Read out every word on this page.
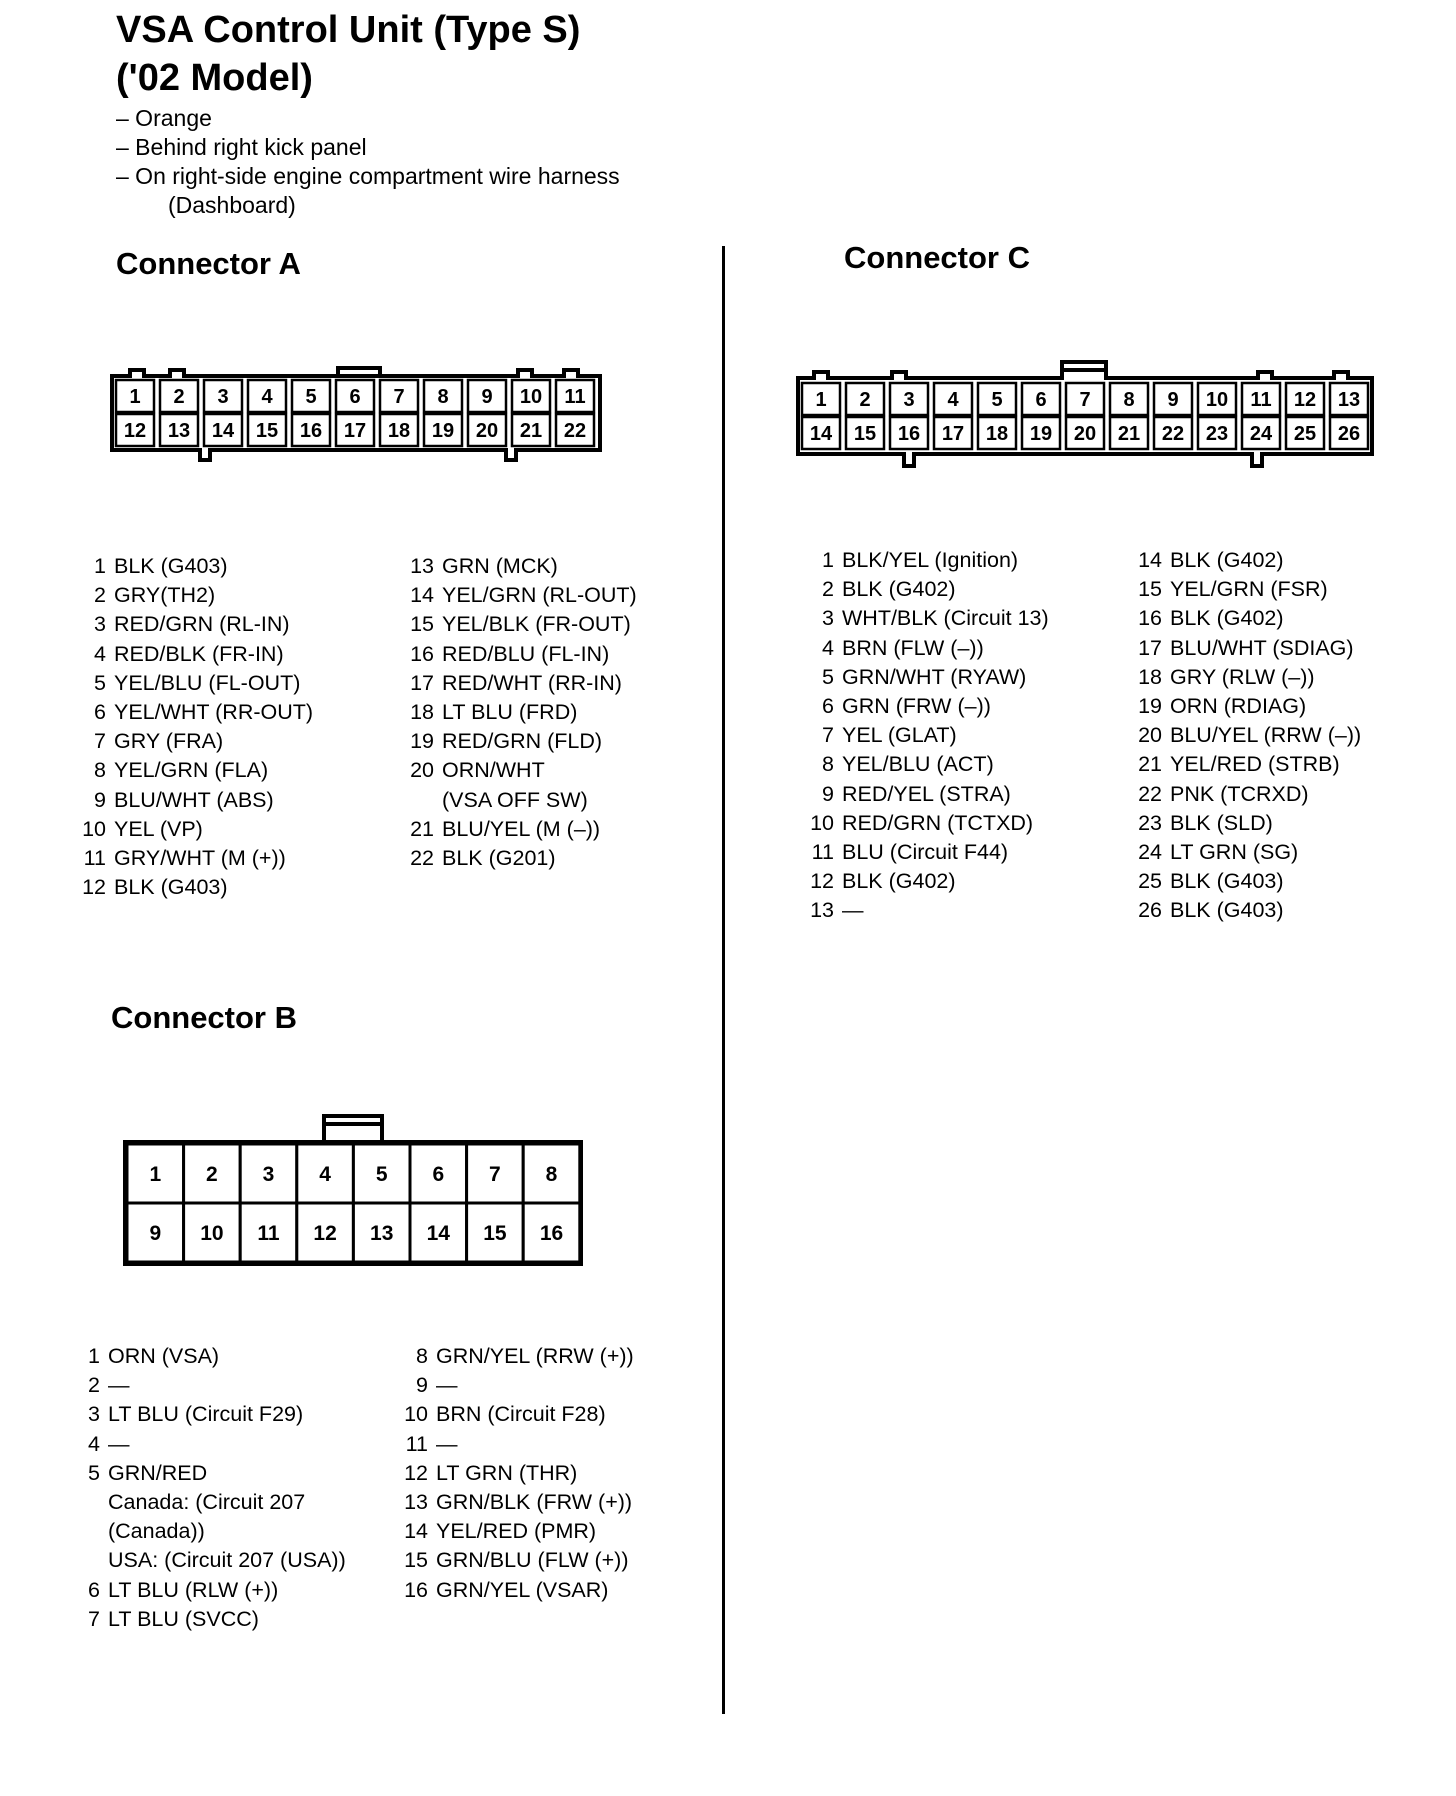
VSA Control Unit (Type S)
('02 Model)
– Orange
– Behind right kick panel
– On right-side engine compartment wire harness
(Dashboard)
Connector A
1 2 3 4 5 6 7 8 9 10 11
12 13 14 15 16 17 18 19 20 21 22
1 BLK (G403)
2 GRY(TH2)
3 RED/GRN (RL-IN)
4 RED/BLK (FR-IN)
5 YEL/BLU (FL-OUT)
6 YEL/WHT (RR-OUT)
7 GRY (FRA)
8 YEL/GRN (FLA)
9 BLU/WHT (ABS)
10 YEL (VP)
11 GRY/WHT (M (+))
12 BLK (G403)
13 GRN (MCK)
14 YEL/GRN (RL-OUT)
15 YEL/BLK (FR-OUT)
16 RED/BLU (FL-IN)
17 RED/WHT (RR-IN)
18 LT BLU (FRD)
19 RED/GRN (FLD)
20 ORN/WHT
(VSA OFF SW)
21 BLU/YEL (M (–))
22 BLK (G201)
Connector B
1 2 3 4 5 6 7 8
9 10 11 12 13 14 15 16
1 ORN (VSA)
2 —
3 LT BLU (Circuit F29)
4 —
5 GRN/RED
Canada: (Circuit 207
(Canada))
USA: (Circuit 207 (USA))
6 LT BLU (RLW (+))
7 LT BLU (SVCC)
8 GRN/YEL (RRW (+))
9 —
10 BRN (Circuit F28)
11 —
12 LT GRN (THR)
13 GRN/BLK (FRW (+))
14 YEL/RED (PMR)
15 GRN/BLU (FLW (+))
16 GRN/YEL (VSAR)
Connector C
1 2 3 4 5 6 7 8 9 10 11 12 13
14 15 16 17 18 19 20 21 22 23 24 25 26
1 BLK/YEL (Ignition)
2 BLK (G402)
3 WHT/BLK (Circuit 13)
4 BRN (FLW (–))
5 GRN/WHT (RYAW)
6 GRN (FRW (–))
7 YEL (GLAT)
8 YEL/BLU (ACT)
9 RED/YEL (STRA)
10 RED/GRN (TCTXD)
11 BLU (Circuit F44)
12 BLK (G402)
13 —
14 BLK (G402)
15 YEL/GRN (FSR)
16 BLK (G402)
17 BLU/WHT (SDIAG)
18 GRY (RLW (–))
19 ORN (RDIAG)
20 BLU/YEL (RRW (–))
21 YEL/RED (STRB)
22 PNK (TCRXD)
23 BLK (SLD)
24 LT GRN (SG)
25 BLK (G403)
26 BLK (G403)
